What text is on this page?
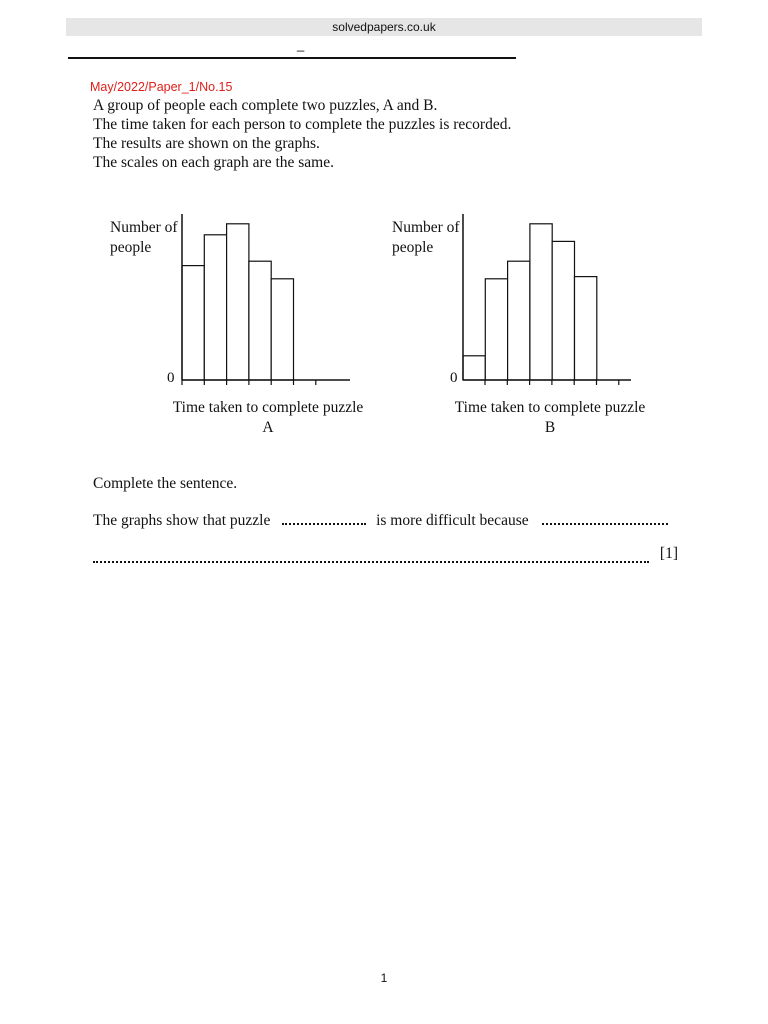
solvedpapers.co.uk
_
May/2022/Paper_1/No.15
A group of people each complete two puzzles, A and B.
The time taken for each person to complete the puzzles is recorded.
The results are shown on the graphs.
The scales on each graph are the same.
Number of people
0
Time taken to complete puzzle A
Number of people
0
Time taken to complete puzzle B
Complete the sentence.
The graphs show that puzzle	is more difficult because
[1]
1
